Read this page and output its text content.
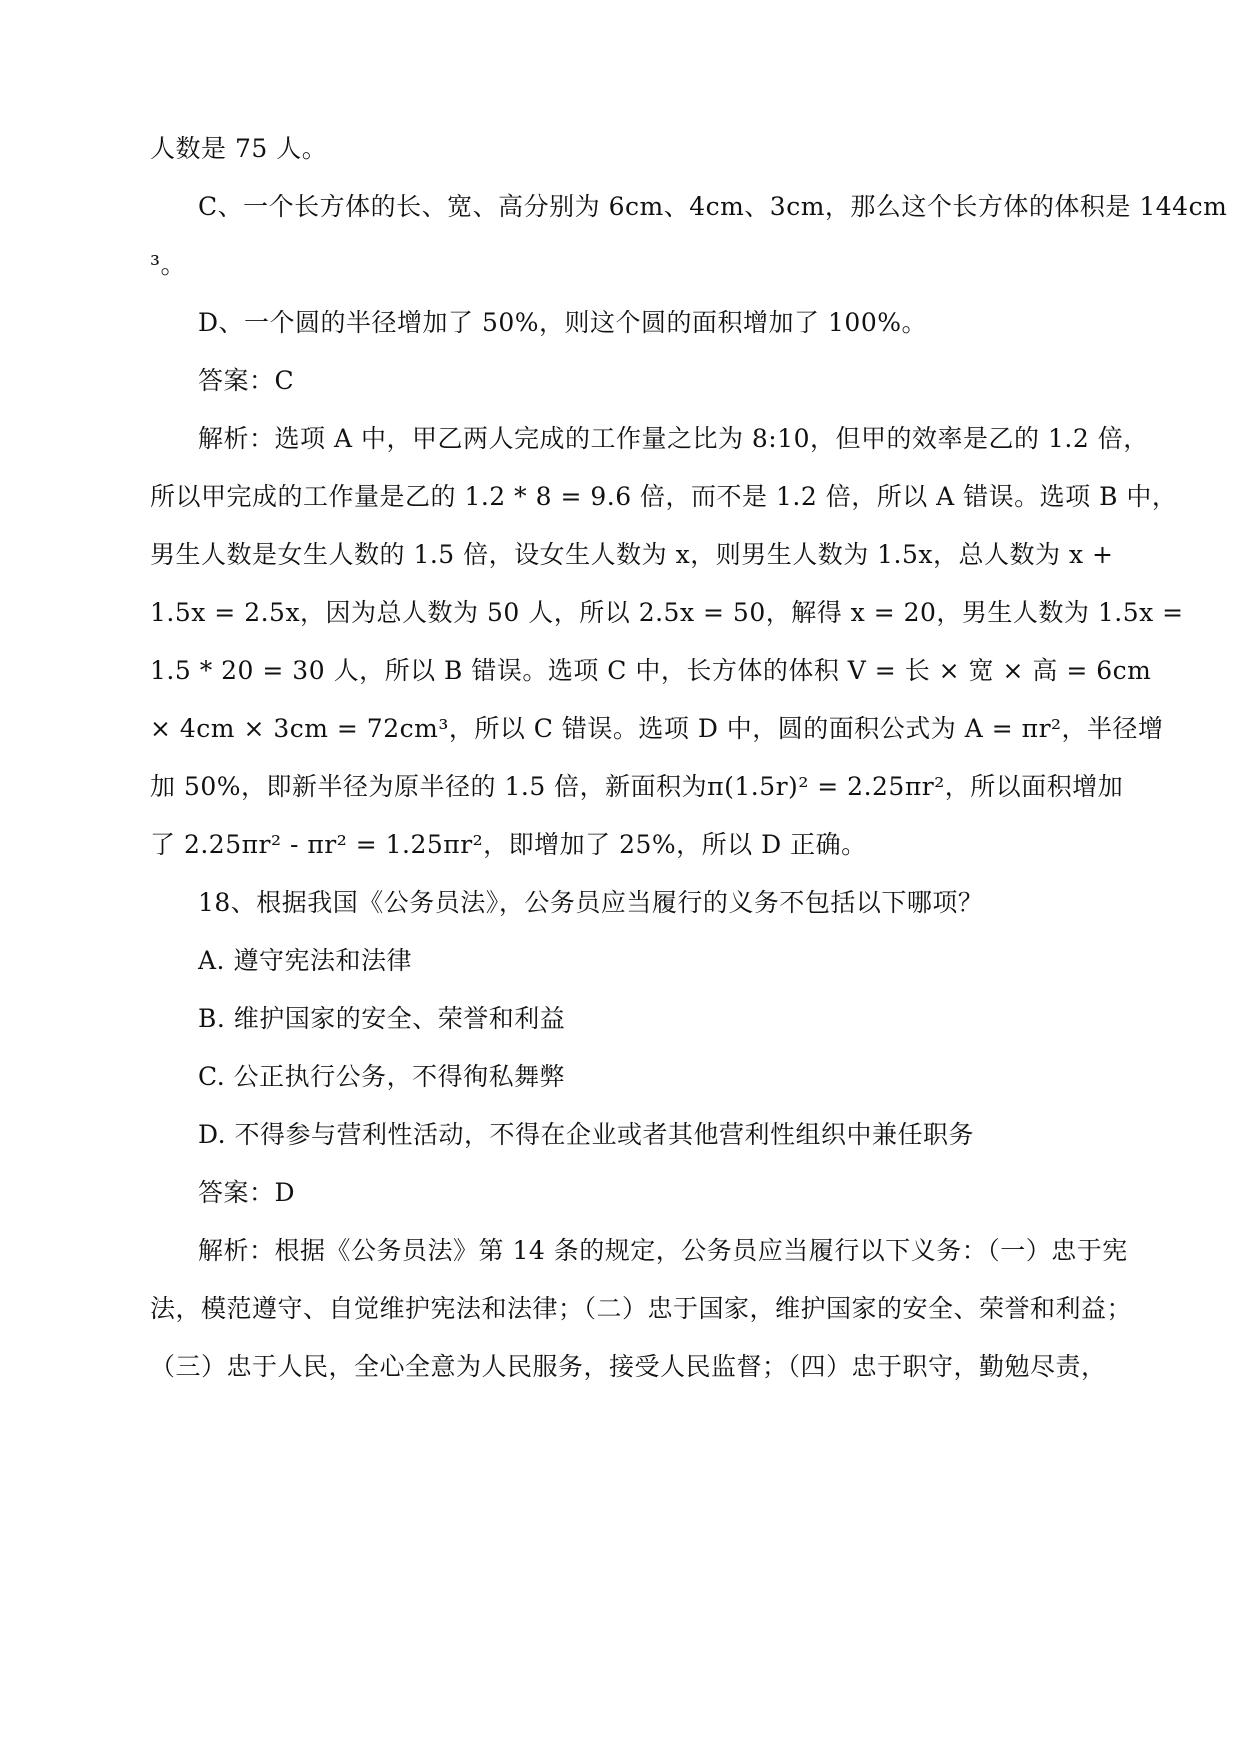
人数是 75 人。
C、一个长方体的长、宽、高分别为 6cm、4cm、3cm，那么这个长方体的体积是 144cm
³。
D、一个圆的半径增加了 50%，则这个圆的面积增加了 100%。
答案：C
解析：选项 A 中，甲乙两人完成的工作量之比为 8:10，但甲的效率是乙的 1.2 倍，
所以甲完成的工作量是乙的 1.2 * 8 = 9.6 倍，而不是 1.2 倍，所以 A 错误。选项 B 中，
男生人数是女生人数的 1.5 倍，设女生人数为 x，则男生人数为 1.5x，总人数为 x +
1.5x = 2.5x，因为总人数为 50 人，所以 2.5x = 50，解得 x = 20，男生人数为 1.5x =
1.5 * 20 = 30 人，所以 B 错误。选项 C 中，长方体的体积 V = 长 × 宽 × 高 = 6cm
× 4cm × 3cm = 72cm³，所以 C 错误。选项 D 中，圆的面积公式为 A = πr²，半径增
加 50%，即新半径为原半径的 1.5 倍，新面积为π(1.5r)² = 2.25πr²，所以面积增加
了 2.25πr² - πr² = 1.25πr²，即增加了 25%，所以 D 正确。
18、根据我国《公务员法》，公务员应当履行的义务不包括以下哪项？
A. 遵守宪法和法律
B. 维护国家的安全、荣誉和利益
C. 公正执行公务，不得徇私舞弊
D. 不得参与营利性活动，不得在企业或者其他营利性组织中兼任职务
答案：D
解析：根据《公务员法》第 14 条的规定，公务员应当履行以下义务：（一）忠于宪
法，模范遵守、自觉维护宪法和法律；（二）忠于国家，维护国家的安全、荣誉和利益；
（三）忠于人民，全心全意为人民服务，接受人民监督；（四）忠于职守，勤勉尽责，
